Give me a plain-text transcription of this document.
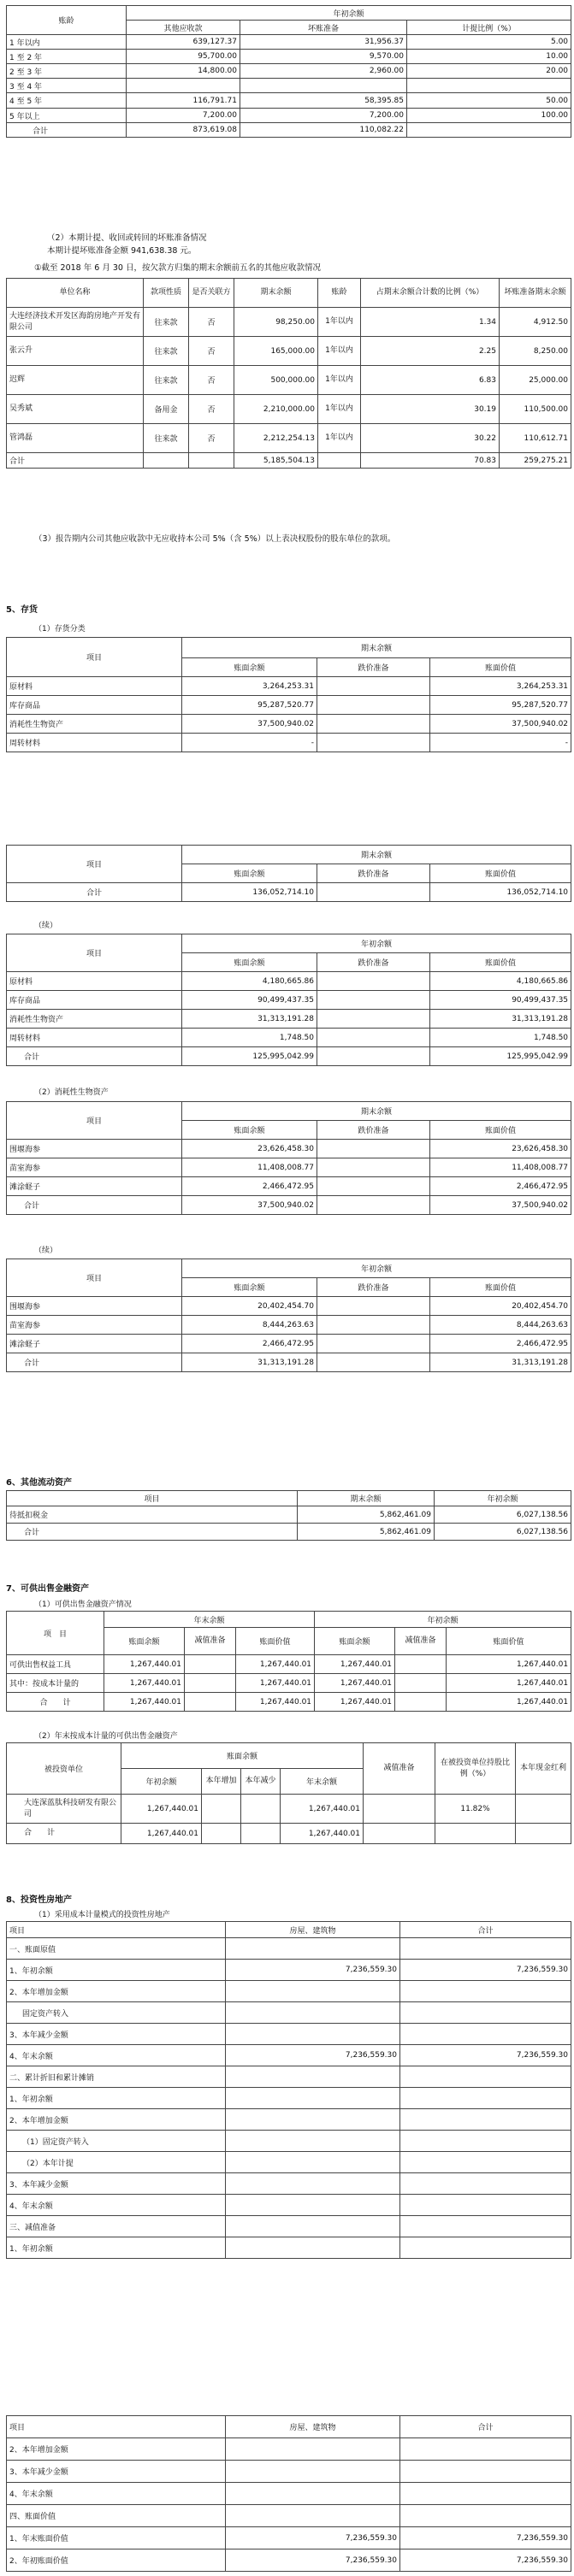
账龄	年初余额		
	其他应收款	坏账准备	计提比例（%）
1 年以内	639,127.37	31,956.37	5.00
1 至 2 年	95,700.00	9,570.00	10.00
2 至 3 年	14,800.00	2,960.00	20.00
3 至 4 年			
4 至 5 年	116,791.71	58,395.85	50.00
5 年以上	7,200.00	7,200.00	100.00
合计	873,619.08	110,082.22	
（2）本期计提、收回或转回的坏账准备情况
本期计提坏账准备金额 941,638.38 元。
①截至 2018 年 6 月 30 日，按欠款方归集的期末余额前五名的其他应收款情况
单位名称	款项性质	是否关联方	期末余额	账龄	占期末余额合计数的比例（%）	坏账准备期末余额
大连经济技术开发区海韵房地产开发有限公司	往来款	否	98,250.00	1年以内	1.34	4,912.50
张云升	往来款	否	165,000.00	1年以内	2.25	8,250.00
迟辉	往来款	否	500,000.00	1年以内	6.83	25,000.00
吴秀斌	备用金	否	2,210,000.00	1年以内	30.19	110,500.00
管鸿磊	往来款	否	2,212,254.13	1年以内	30.22	110,612.71
合计			5,185,504.13		70.83	259,275.21
（3）报告期内公司其他应收款中无应收持本公司 5%（含 5%）以上表决权股份的股东单位的款项。
5、存货
（1）存货分类
项目	期末余额		
	账面余额	跌价准备	账面价值
原材料	3,264,253.31		3,264,253.31
库存商品	95,287,520.77		95,287,520.77
消耗性生物资产	37,500,940.02		37,500,940.02
周转材料	-		-
项目	期末余额		
	账面余额	跌价准备	账面价值
合计	136,052,714.10		136,052,714.10
（续）
项目	年初余额		
	账面余额	跌价准备	账面价值
原材料	4,180,665.86		4,180,665.86
库存商品	90,499,437.35		90,499,437.35
消耗性生物资产	31,313,191.28		31,313,191.28
周转材料	1,748.50		1,748.50
合计	125,995,042.99		125,995,042.99
（2）消耗性生物资产
项目	期末余额		
	账面余额	跌价准备	账面价值
围堰海参	23,626,458.30		23,626,458.30
苗室海参	11,408,008.77		11,408,008.77
滩涂蛏子	2,466,472.95		2,466,472.95
合计	37,500,940.02		37,500,940.02
（续）
项目	年初余额		
	账面余额	跌价准备	账面价值
围堰海参	20,402,454.70		20,402,454.70
苗室海参	8,444,263.63		8,444,263.63
滩涂蛏子	2,466,472.95		2,466,472.95
合计	31,313,191.28		31,313,191.28
6、其他流动资产
项目	期末余额	年初余额
待抵扣税金	5,862,461.09	6,027,138.56
合计	5,862,461.09	6,027,138.56
7、可供出售金融资产
（1）可供出售金融资产情况
项　目	年末余额			年初余额		
	账面余额	减值准备	账面价值	账面余额	减值准备	账面价值
可供出售权益工具	1,267,440.01		1,267,440.01	1,267,440.01		1,267,440.01
其中：按成本计量的	1,267,440.01		1,267,440.01	1,267,440.01		1,267,440.01
合　　计	1,267,440.01		1,267,440.01	1,267,440.01		1,267,440.01
（2）年末按成本计量的可供出售金融资产
被投资单位	账面余额				减值准备	在被投资单位持股比例（%）	本年现金红利
	年初余额	本年增加	本年减少	年末余额			
大连深蓝肽科技研发有限公司	1,267,440.01			1,267,440.01		11.82%	
合　　计	1,267,440.01			1,267,440.01			
8、投资性房地产
（1）采用成本计量模式的投资性房地产
项目	房屋、建筑物	合计
一、账面原值		
1、年初余额	7,236,559.30	7,236,559.30
2、本年增加金额		
固定资产转入		
3、本年减少金额		
4、年末余额	7,236,559.30	7,236,559.30
二、累计折旧和累计摊销		
1、年初余额		
2、本年增加金额		
（1）固定资产转入		
（2）本年计提		
3、本年减少金额		
4、年末余额		
三、减值准备		
1、年初余额		
项目	房屋、建筑物	合计
2、本年增加金额		
3、本年减少金额		
4、年末余额		
四、账面价值		
1、年末账面价值	7,236,559.30	7,236,559.30
2、年初账面价值	7,236,559.30	7,236,559.30
